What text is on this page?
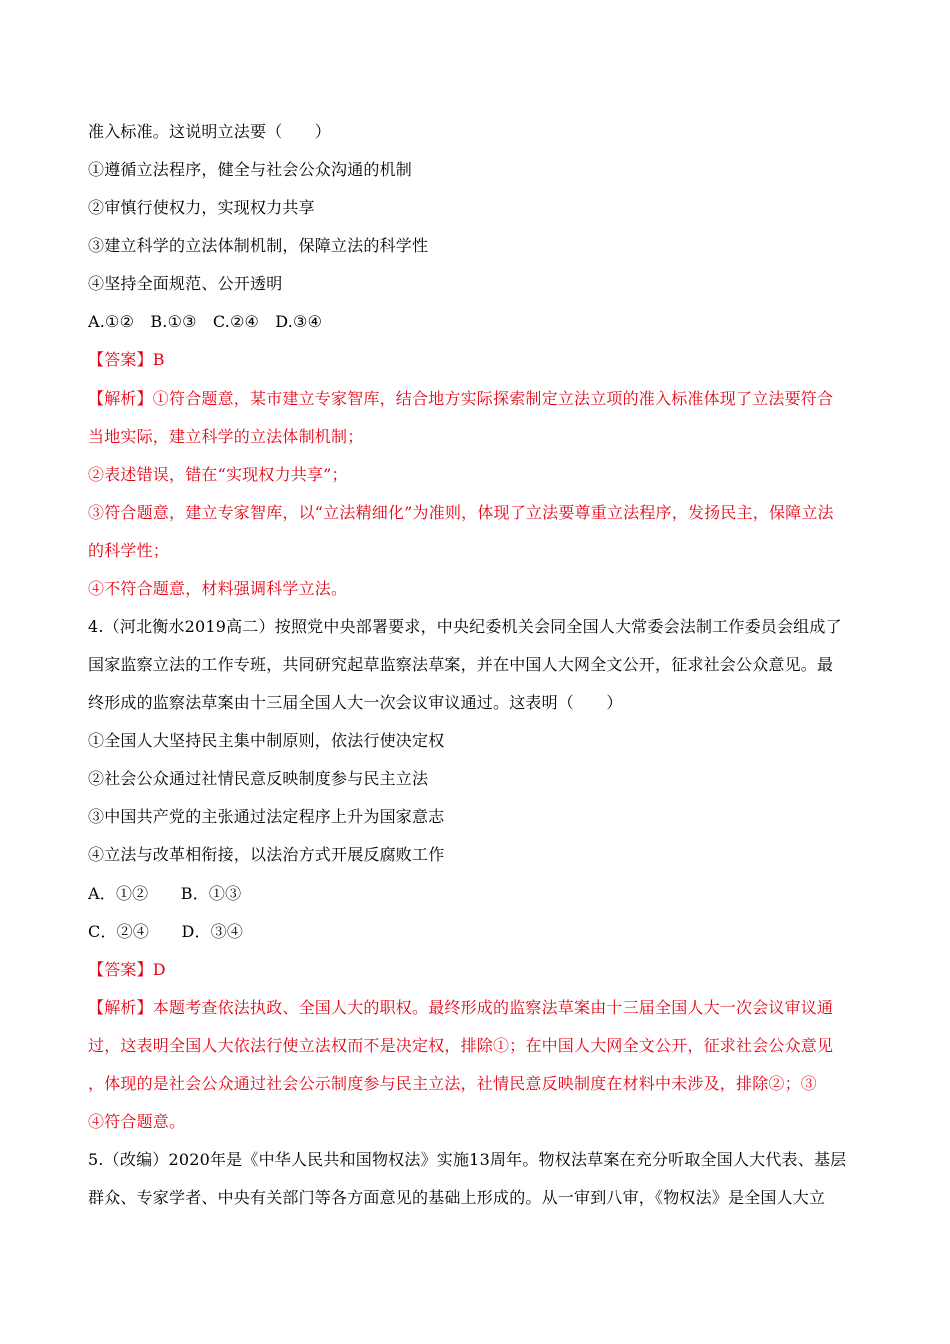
准入标准。这说明立法要（　　）
①遵循立法程序，健全与社会公众沟通的机制
②审慎行使权力，实现权力共享
③建立科学的立法体制机制，保障立法的科学性
④坚持全面规范、公开透明
A.①②　B.①③　C.②④　D.③④
【答案】B
【解析】①符合题意，某市建立专家智库，结合地方实际探索制定立法立项的准入标准体现了立法要符合
当地实际，建立科学的立法体制机制；
②表述错误，错在“实现权力共享”；
③符合题意，建立专家智库，以“立法精细化”为准则，体现了立法要尊重立法程序，发扬民主，保障立法
的科学性；
④不符合题意，材料强调科学立法。
4.（河北衡水2019高二）按照党中央部署要求，中央纪委机关会同全国人大常委会法制工作委员会组成了
国家监察立法的工作专班，共同研究起草监察法草案，并在中国人大网全文公开，征求社会公众意见。最
终形成的监察法草案由十三届全国人大一次会议审议通过。这表明（　　）
①全国人大坚持民主集中制原则，依法行使决定权
②社会公众通过社情民意反映制度参与民主立法
③中国共产党的主张通过法定程序上升为国家意志
④立法与改革相衔接，以法治方式开展反腐败工作
A．①②　　B．①③
C．②④　　D．③④
【答案】D
【解析】本题考查依法执政、全国人大的职权。最终形成的监察法草案由十三届全国人大一次会议审议通
过，这表明全国人大依法行使立法权而不是决定权，排除①；在中国人大网全文公开，征求社会公众意见
，体现的是社会公众通过社会公示制度参与民主立法，社情民意反映制度在材料中未涉及，排除②；③
④符合题意。
5.（改编）2020年是《中华人民共和国物权法》实施13周年。物权法草案在充分听取全国人大代表、基层
群众、专家学者、中央有关部门等各方面意见的基础上形成的。从一审到八审，《物权法》是全国人大立
